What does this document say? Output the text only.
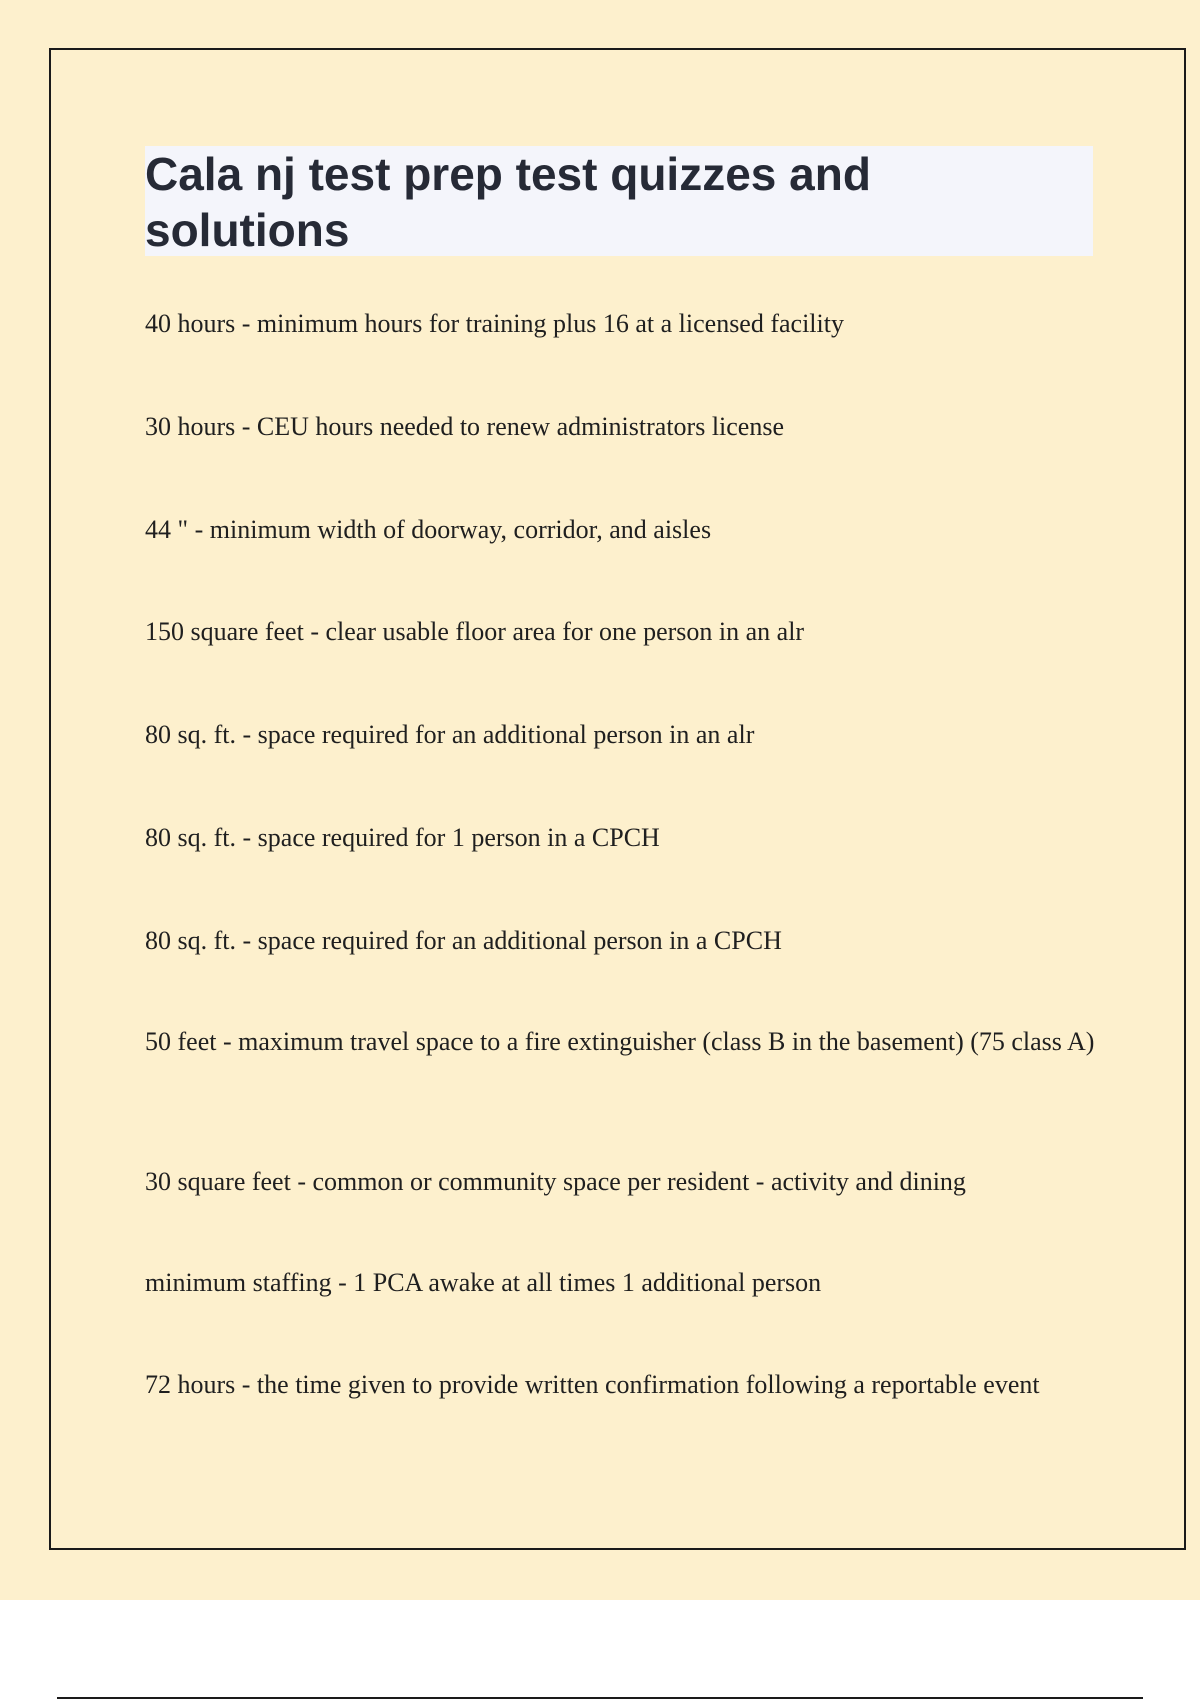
Cala nj test prep test quizzes and solutions

40 hours - minimum hours for training plus 16 at a licensed facility

30 hours - CEU hours needed to renew administrators license

44 " - minimum width of doorway, corridor, and aisles

150 square feet - clear usable floor area for one person in an alr

80 sq. ft. - space required for an additional person in an alr

80 sq. ft. - space required for 1 person in a CPCH

80 sq. ft. - space required for an additional person in a CPCH

50 feet - maximum travel space to a fire extinguisher (class B in the basement) (75 class A)

30 square feet - common or community space per resident - activity and dining

minimum staffing - 1 PCA awake at all times 1 additional person

72 hours - the time given to provide written confirmation following a reportable event
